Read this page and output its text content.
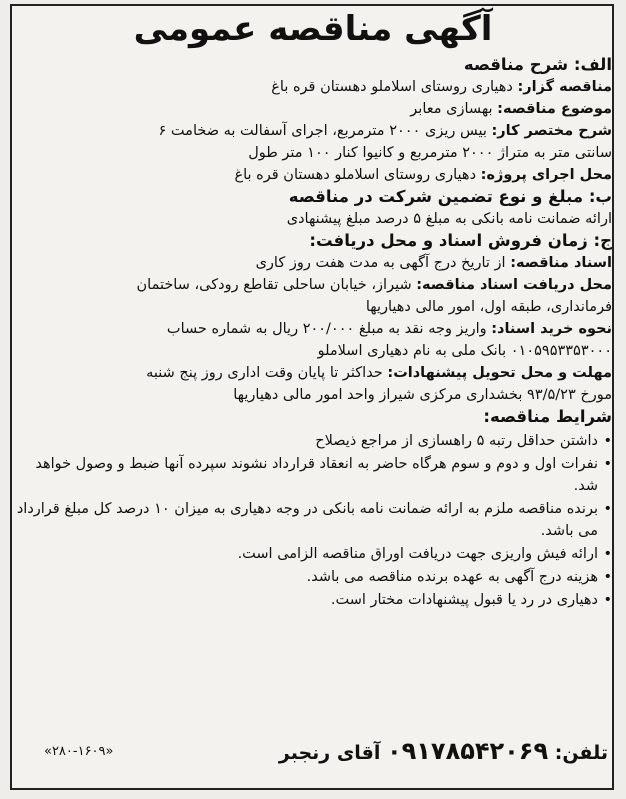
آگهی مناقصه عمومی

الف: شرح مناقصه

مناقصه گزار: دهیاری روستای اسلاملو دهستان قره باغ

موضوع مناقصه: بهسازی معابر

شرح مختصر کار: بیس ریزی ۲۰۰۰ مترمربع، اجرای آسفالت به ضخامت ۶

سانتی متر به متراژ ۲۰۰۰ مترمربع و کانیوا کنار ۱۰۰ متر طول

محل اجرای پروژه: دهیاری روستای اسلاملو دهستان قره باغ

ب: مبلغ و نوع تضمین شرکت در مناقصه

ارائه ضمانت نامه بانکی به مبلغ ۵ درصد مبلغ پیشنهادی

ج: زمان فروش اسناد و محل دریافت:

اسناد مناقصه: از تاریخ درج آگهی به مدت هفت روز کاری

محل دریافت اسناد مناقصه: شیراز، خیابان ساحلی تقاطع رودکی، ساختمان

فرمانداری، طبقه اول، امور مالی دهیاریها

نحوه خرید اسناد: واریز وجه نقد به مبلغ ۲۰۰/۰۰۰ ریال به شماره حساب

۰۱۰۵۹۵۳۳۵۳۰۰۰ بانک ملی به نام دهیاری اسلاملو

مهلت و محل تحویل پیشنهادات: حداکثر تا پایان وقت اداری روز پنج شنبه

مورخ ۹۳/۵/۲۳ بخشداری مرکزی شیراز واحد امور مالی دهیاریها

شرایط مناقصه:

• داشتن حداقل رتبه ۵ راهسازی از مراجع ذیصلاح
• نفرات اول و دوم و سوم هرگاه حاضر به انعقاد قرارداد نشوند سپرده آنها ضبط و وصول خواهد شد.
• برنده مناقصه ملزم به ارائه ضمانت نامه بانکی در وجه دهیاری به میزان ۱۰ درصد کل مبلغ قرارداد می باشد.
• ارائه فیش واریزی جهت دریافت اوراق مناقصه الزامی است.
• هزینه درج آگهی به عهده برنده مناقصه می باشد.
• دهیاری در رد یا قبول پیشنهادات مختار است.
تلفن: ۰۹۱۷۸۵۴۲۰۶۹ آقای رنجبر
«۲۸۰-۱۶۰۹»
